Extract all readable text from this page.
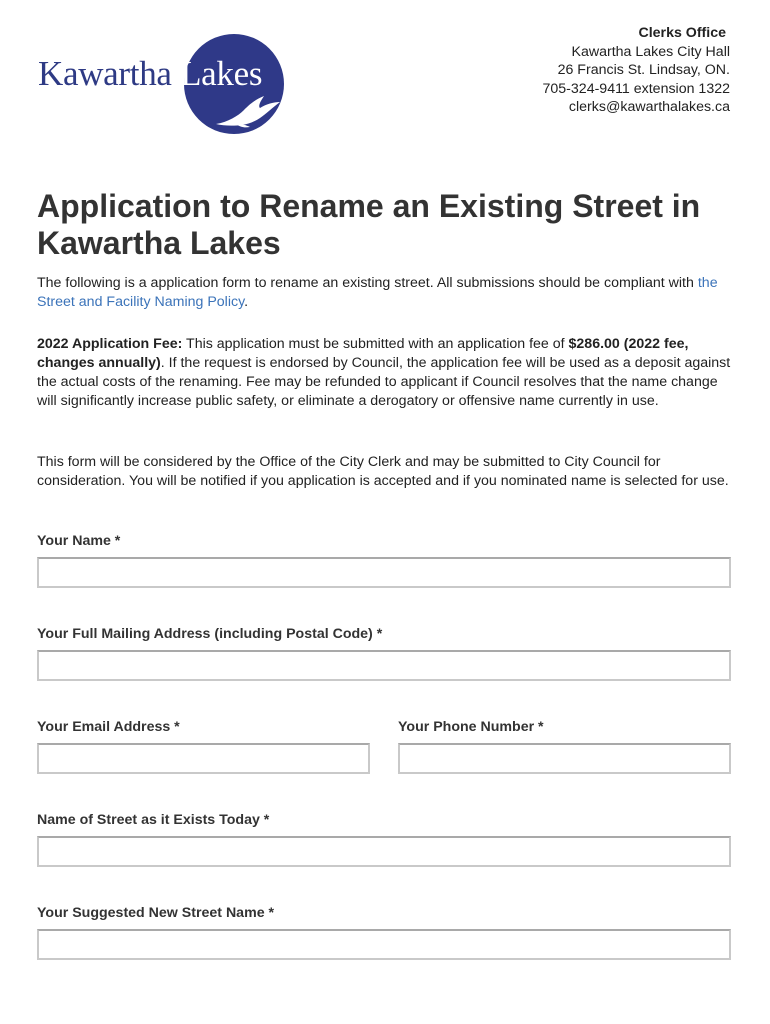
Kawartha Lakes
Clerks Office
Kawartha Lakes City Hall
26 Francis St. Lindsay, ON.
705-324-9411 extension 1322
clerks@kawarthalakes.ca
Application to Rename an Existing Street in Kawartha Lakes

The following is a application form to rename an existing street. All submissions should be compliant with the Street and Facility Naming Policy.

2022 Application Fee: This application must be submitted with an application fee of $286.00 (2022 fee, changes annually). If the request is endorsed by Council, the application fee will be used as a deposit against the actual costs of the renaming. Fee may be refunded to applicant if Council resolves that the name change will significantly increase public safety, or eliminate a derogatory or offensive name currently in use.

This form will be considered by the Office of the City Clerk and may be submitted to City Council for consideration. You will be notified if you application is accepted and if you nominated name is selected for use.

Your Name *
Your Full Mailing Address (including Postal Code) *
Your Email Address *	Your Phone Number *
Name of Street as it Exists Today *
Your Suggested New Street Name *
